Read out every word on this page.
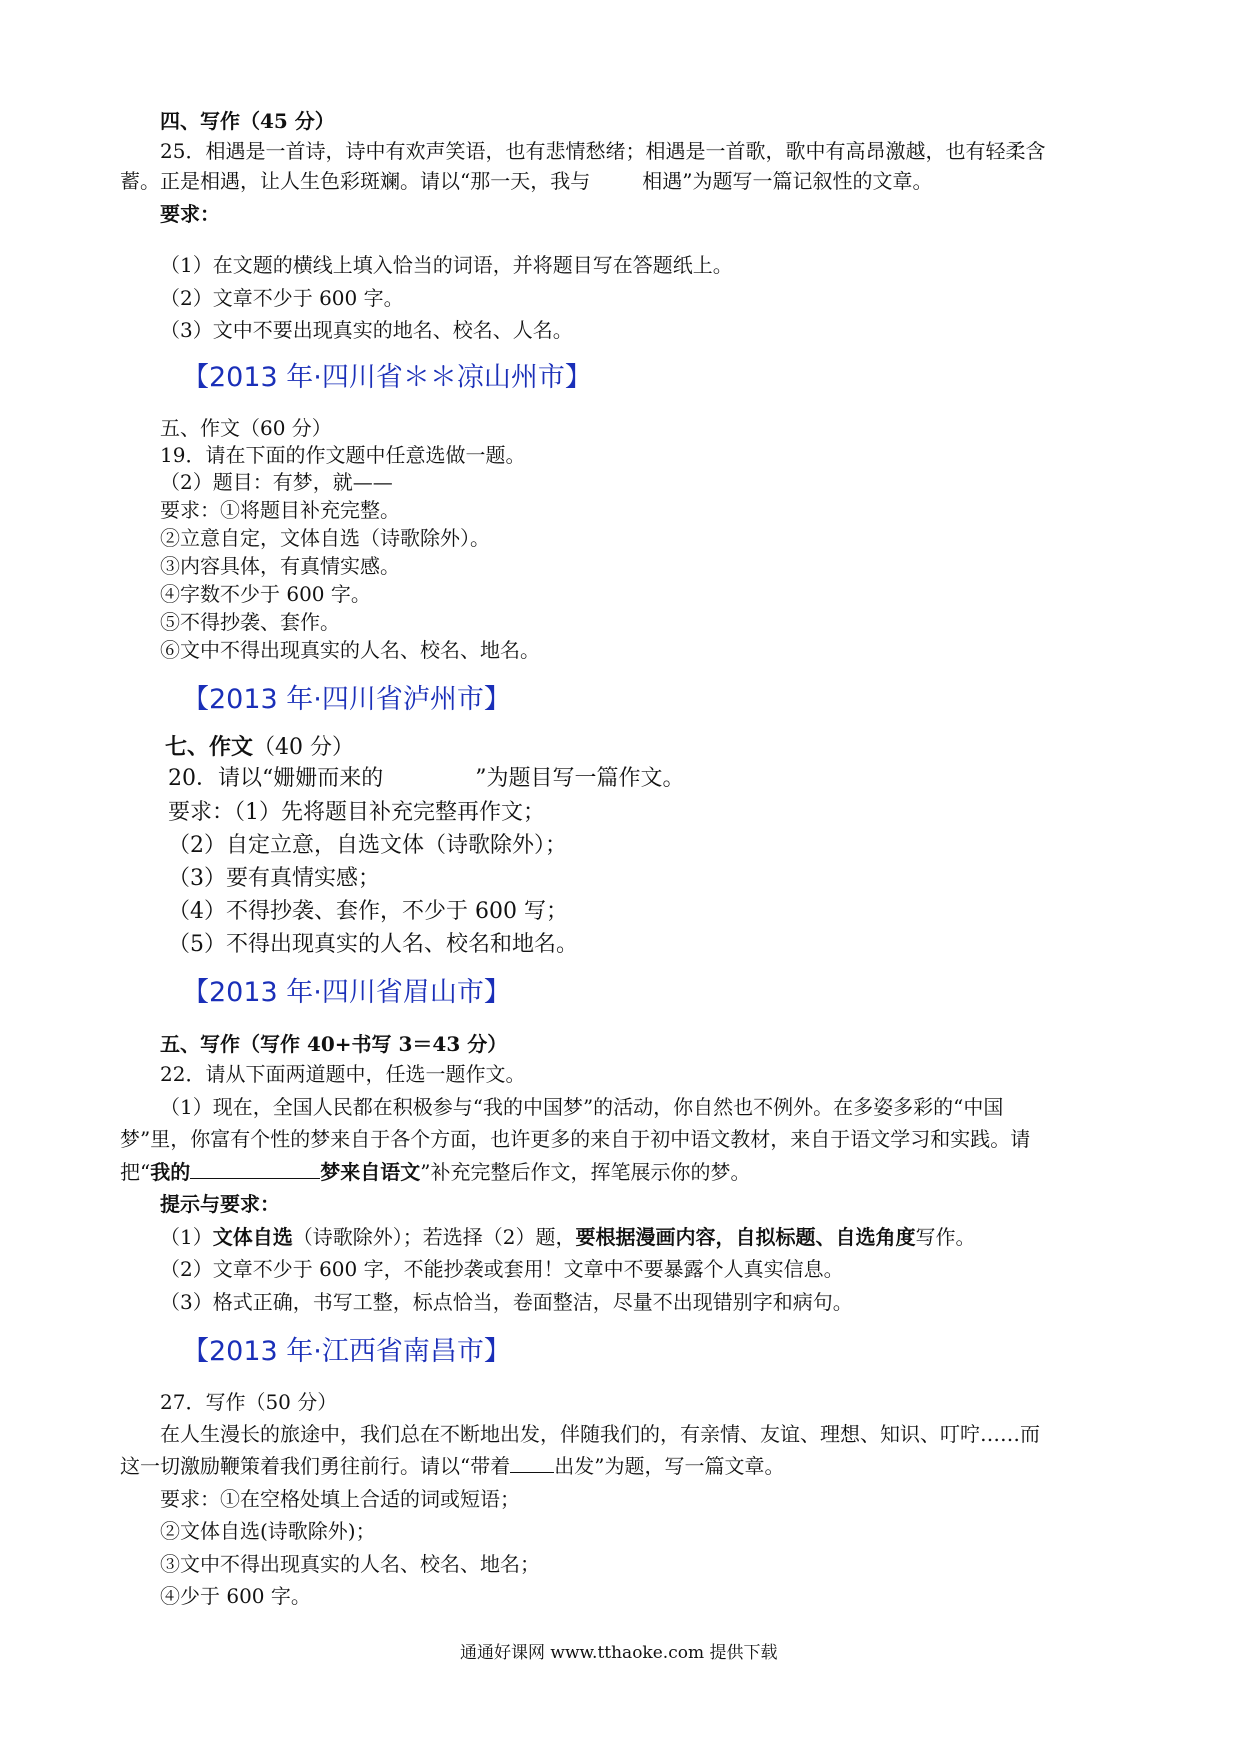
四、写作（45 分）
25．相遇是一首诗，诗中有欢声笑语，也有悲情愁绪；相遇是一首歌，歌中有高昂激越，也有轻柔含
蓄。正是相遇，让人生色彩斑斓。请以“那一天，我与	相遇”为题写一篇记叙性的文章。
要求：
（1）在文题的横线上填入恰当的词语，并将题目写在答题纸上。
（2）文章不少于 600 字。
（3）文中不要出现真实的地名、校名、人名。
【2013 年·四川省＊＊凉山州市】
五、作文（60 分）
19．请在下面的作文题中任意选做一题。
（2）题目：有梦，就——
要求：①将题目补充完整。
②立意自定，文体自选（诗歌除外）。
③内容具体，有真情实感。
④字数不少于 600 字。
⑤不得抄袭、套作。
⑥文中不得出现真实的人名、校名、地名。
【2013 年·四川省泸州市】
七、作文（40 分）
20．请以“姗姗而来的	”为题目写一篇作文。
要求：（1）先将题目补充完整再作文；
（2）自定立意，自选文体（诗歌除外）；
（3）要有真情实感；
（4）不得抄袭、套作，不少于 600 写；
（5）不得出现真实的人名、校名和地名。
【2013 年·四川省眉山市】
五、写作（写作 40+书写 3＝43 分）
22．请从下面两道题中，任选一题作文。
（1）现在，全国人民都在积极参与“我的中国梦”的活动，你自然也不例外。在多姿多彩的“中国
梦”里，你富有个性的梦来自于各个方面，也许更多的来自于初中语文教材，来自于语文学习和实践。请
把“我的	梦来自语文”补充完整后作文，挥笔展示你的梦。
提示与要求：
（1）文体自选（诗歌除外）；若选择（2）题，要根据漫画内容，自拟标题、自选角度写作。
（2）文章不少于 600 字，不能抄袭或套用！文章中不要暴露个人真实信息。
（3）格式正确，书写工整，标点恰当，卷面整洁，尽量不出现错别字和病句。
【2013 年·江西省南昌市】
27．写作（50 分）
在人生漫长的旅途中，我们总在不断地出发，伴随我们的，有亲情、友谊、理想、知识、叮咛……而
这一切激励鞭策着我们勇往前行。请以“带着 出发”为题，写一篇文章。
要求：①在空格处填上合适的词或短语；
②文体自选(诗歌除外)；
③文中不得出现真实的人名、校名、地名；
④少于 600 字。
通通好课网 www.tthaoke.com 提供下载
